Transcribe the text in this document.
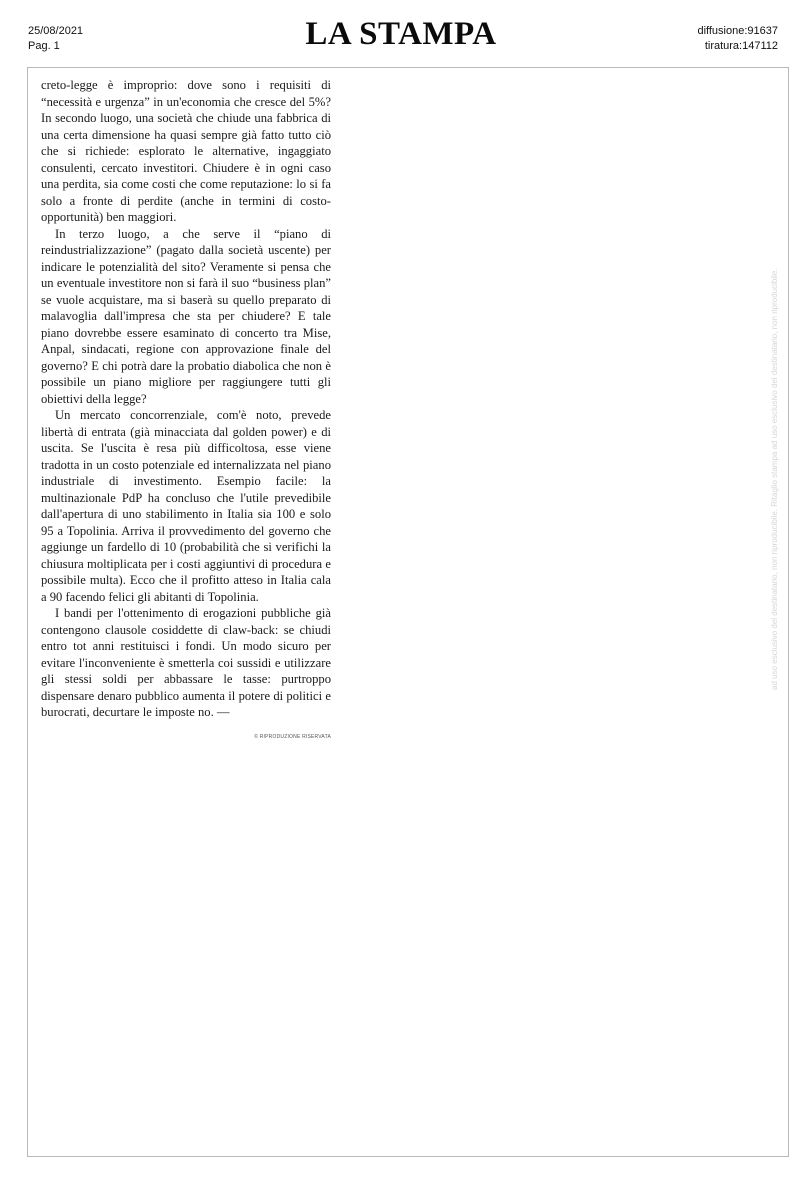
25/08/2021
Pag. 1	LA STAMPA	diffusione:91637
tiratura:147112

creto-legge è improprio: dove sono i requisiti di “necessità e urgenza” in un'economia che cresce del 5%? In secondo luogo, una società che chiude una fabbrica di una certa dimensione ha quasi sempre già fatto tutto ciò che si richiede: esplorato le alternative, ingaggiato consulenti, cercato investitori. Chiudere è in ogni caso una perdita, sia come costi che come reputazione: lo si fa solo a fronte di perdite (anche in termini di costo-opportunità) ben maggiori.

In terzo luogo, a che serve il “piano di reindustrializzazione” (pagato dalla società uscente) per indicare le potenzialità del sito? Veramente si pensa che un eventuale investitore non si farà il suo “business plan” se vuole acquistare, ma si baserà su quello preparato di malavoglia dall'impresa che sta per chiudere? E tale piano dovrebbe essere esaminato di concerto tra Mise, Anpal, sindacati, regione con approvazione finale del governo? E chi potrà dare la probatio diabolica che non è possibile un piano migliore per raggiungere tutti gli obiettivi della legge?

Un mercato concorrenziale, com'è noto, prevede libertà di entrata (già minacciata dal golden power) e di uscita. Se l'uscita è resa più difficoltosa, esse viene tradotta in un costo potenziale ed internalizzata nel piano industriale di investimento. Esempio facile: la multinazionale PdP ha concluso che l'utile prevedibile dall'apertura di uno stabilimento in Italia sia 100 e solo 95 a Topolinia. Arriva il provvedimento del governo che aggiunge un fardello di 10 (probabilità che si verifichi la chiusura moltiplicata per i costi aggiuntivi di procedura e possibile multa). Ecco che il profitto atteso in Italia cala a 90 facendo felici gli abitanti di Topolinia.

I bandi per l'ottenimento di erogazioni pubbliche già contengono clausole cosiddette di claw-back: se chiudi entro tot anni restituisci i fondi. Un modo sicuro per evitare l'inconveniente è smetterla coi sussidi e utilizzare gli stessi soldi per abbassare le tasse: purtroppo dispensare denaro pubblico aumenta il potere di politici e burocrati, decurtare le imposte no. —

© RIPRODUZIONE RISERVATA
ad uso esclusivo del destinatario, non riproducibile. Ritaglio stampa ad uso esclusivo del destinatario, non riproducibile.
